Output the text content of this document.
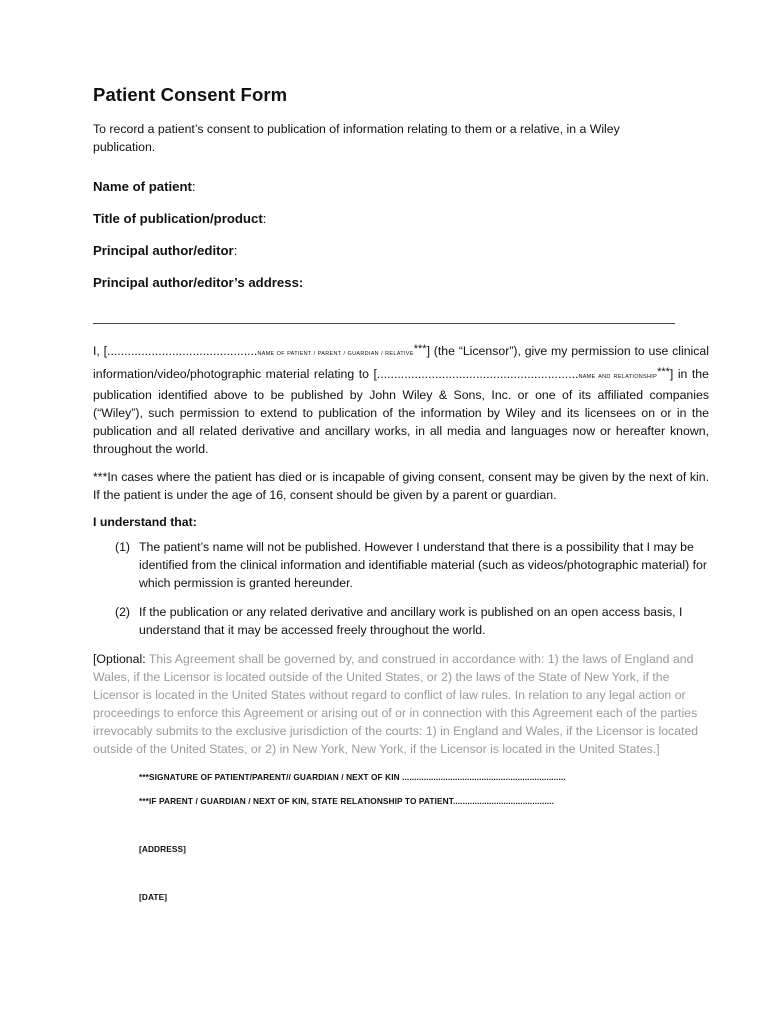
Patient Consent Form

To record a patient’s consent to publication of information relating to them or a relative, in a Wiley publication.

Name of patient:

Title of publication/product:

Principal author/editor:

Principal author/editor’s address:

I, [............................................NAME OF PATIENT / PARENT / GUARDIAN / RELATIVE***] (the “Licensor”), give my permission to use clinical information/video/photographic material relating to [...........................................................NAME AND RELATIONSHIP***] in the publication identified above to be published by John Wiley & Sons, Inc. or one of its affiliated companies (“Wiley”), such permission to extend to publication of the information by Wiley and its licensees on or in the publication and all related derivative and ancillary works, in all media and languages now or hereafter known, throughout the world.

***In cases where the patient has died or is incapable of giving consent, consent may be given by the next of kin. If the patient is under the age of 16, consent should be given by a parent or guardian.

I understand that:

(1) The patient’s name will not be published. However I understand that there is a possibility that I may be identified from the clinical information and identifiable material (such as videos/photographic material) for which permission is granted hereunder.
(2) If the publication or any related derivative and ancillary work is published on an open access basis, I understand that it may be accessed freely throughout the world.

[Optional: This Agreement shall be governed by, and construed in accordance with: 1) the laws of England and Wales, if the Licensor is located outside of the United States, or 2) the laws of the State of New York, if the Licensor is located in the United States without regard to conflict of law rules. In relation to any legal action or proceedings to enforce this Agreement or arising out of or in connection with this Agreement each of the parties irrevocably submits to the exclusive jurisdiction of the courts: 1) in England and Wales, if the Licensor is located outside of the United States, or 2) in New York, New York, if the Licensor is located in the United States.]

***SIGNATURE OF PATIENT/PARENT// GUARDIAN / NEXT OF KIN ....................................................................

***IF PARENT / GUARDIAN / NEXT OF KIN, STATE RELATIONSHIP TO PATIENT..........................................

[ADDRESS]

[DATE]
